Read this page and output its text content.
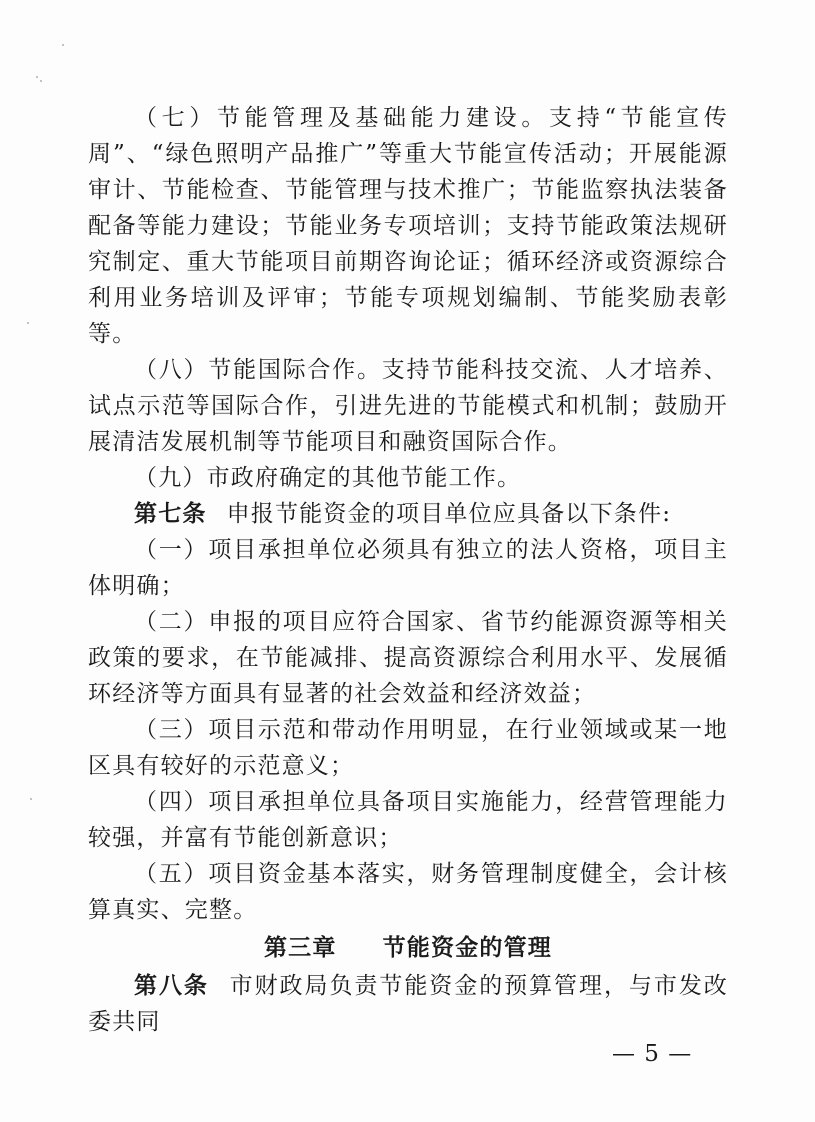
（七）节能管理及基础能力建设。支持“节能宣传周”、“绿色照明产品推广”等重大节能宣传活动；开展能源审计、节能检查、节能管理与技术推广；节能监察执法装备配备等能力建设；节能业务专项培训；支持节能政策法规研究制定、重大节能项目前期咨询论证；循环经济或资源综合利用业务培训及评审；节能专项规划编制、节能奖励表彰等。

（八）节能国际合作。支持节能科技交流、人才培养、试点示范等国际合作，引进先进的节能模式和机制；鼓励开展清洁发展机制等节能项目和融资国际合作。

（九）市政府确定的其他节能工作。

第七条 申报节能资金的项目单位应具备以下条件:

（一）项目承担单位必须具有独立的法人资格，项目主体明确；

（二）申报的项目应符合国家、省节约能源资源等相关政策的要求，在节能减排、提高资源综合利用水平、发展循环经济等方面具有显著的社会效益和经济效益；

（三）项目示范和带动作用明显，在行业领域或某一地区具有较好的示范意义；

（四）项目承担单位具备项目实施能力，经营管理能力较强，并富有节能创新意识；

（五）项目资金基本落实，财务管理制度健全，会计核算真实、完整。

第三章 节能资金的管理

第八条 市财政局负责节能资金的预算管理，与市发改委共同

— 5 —
